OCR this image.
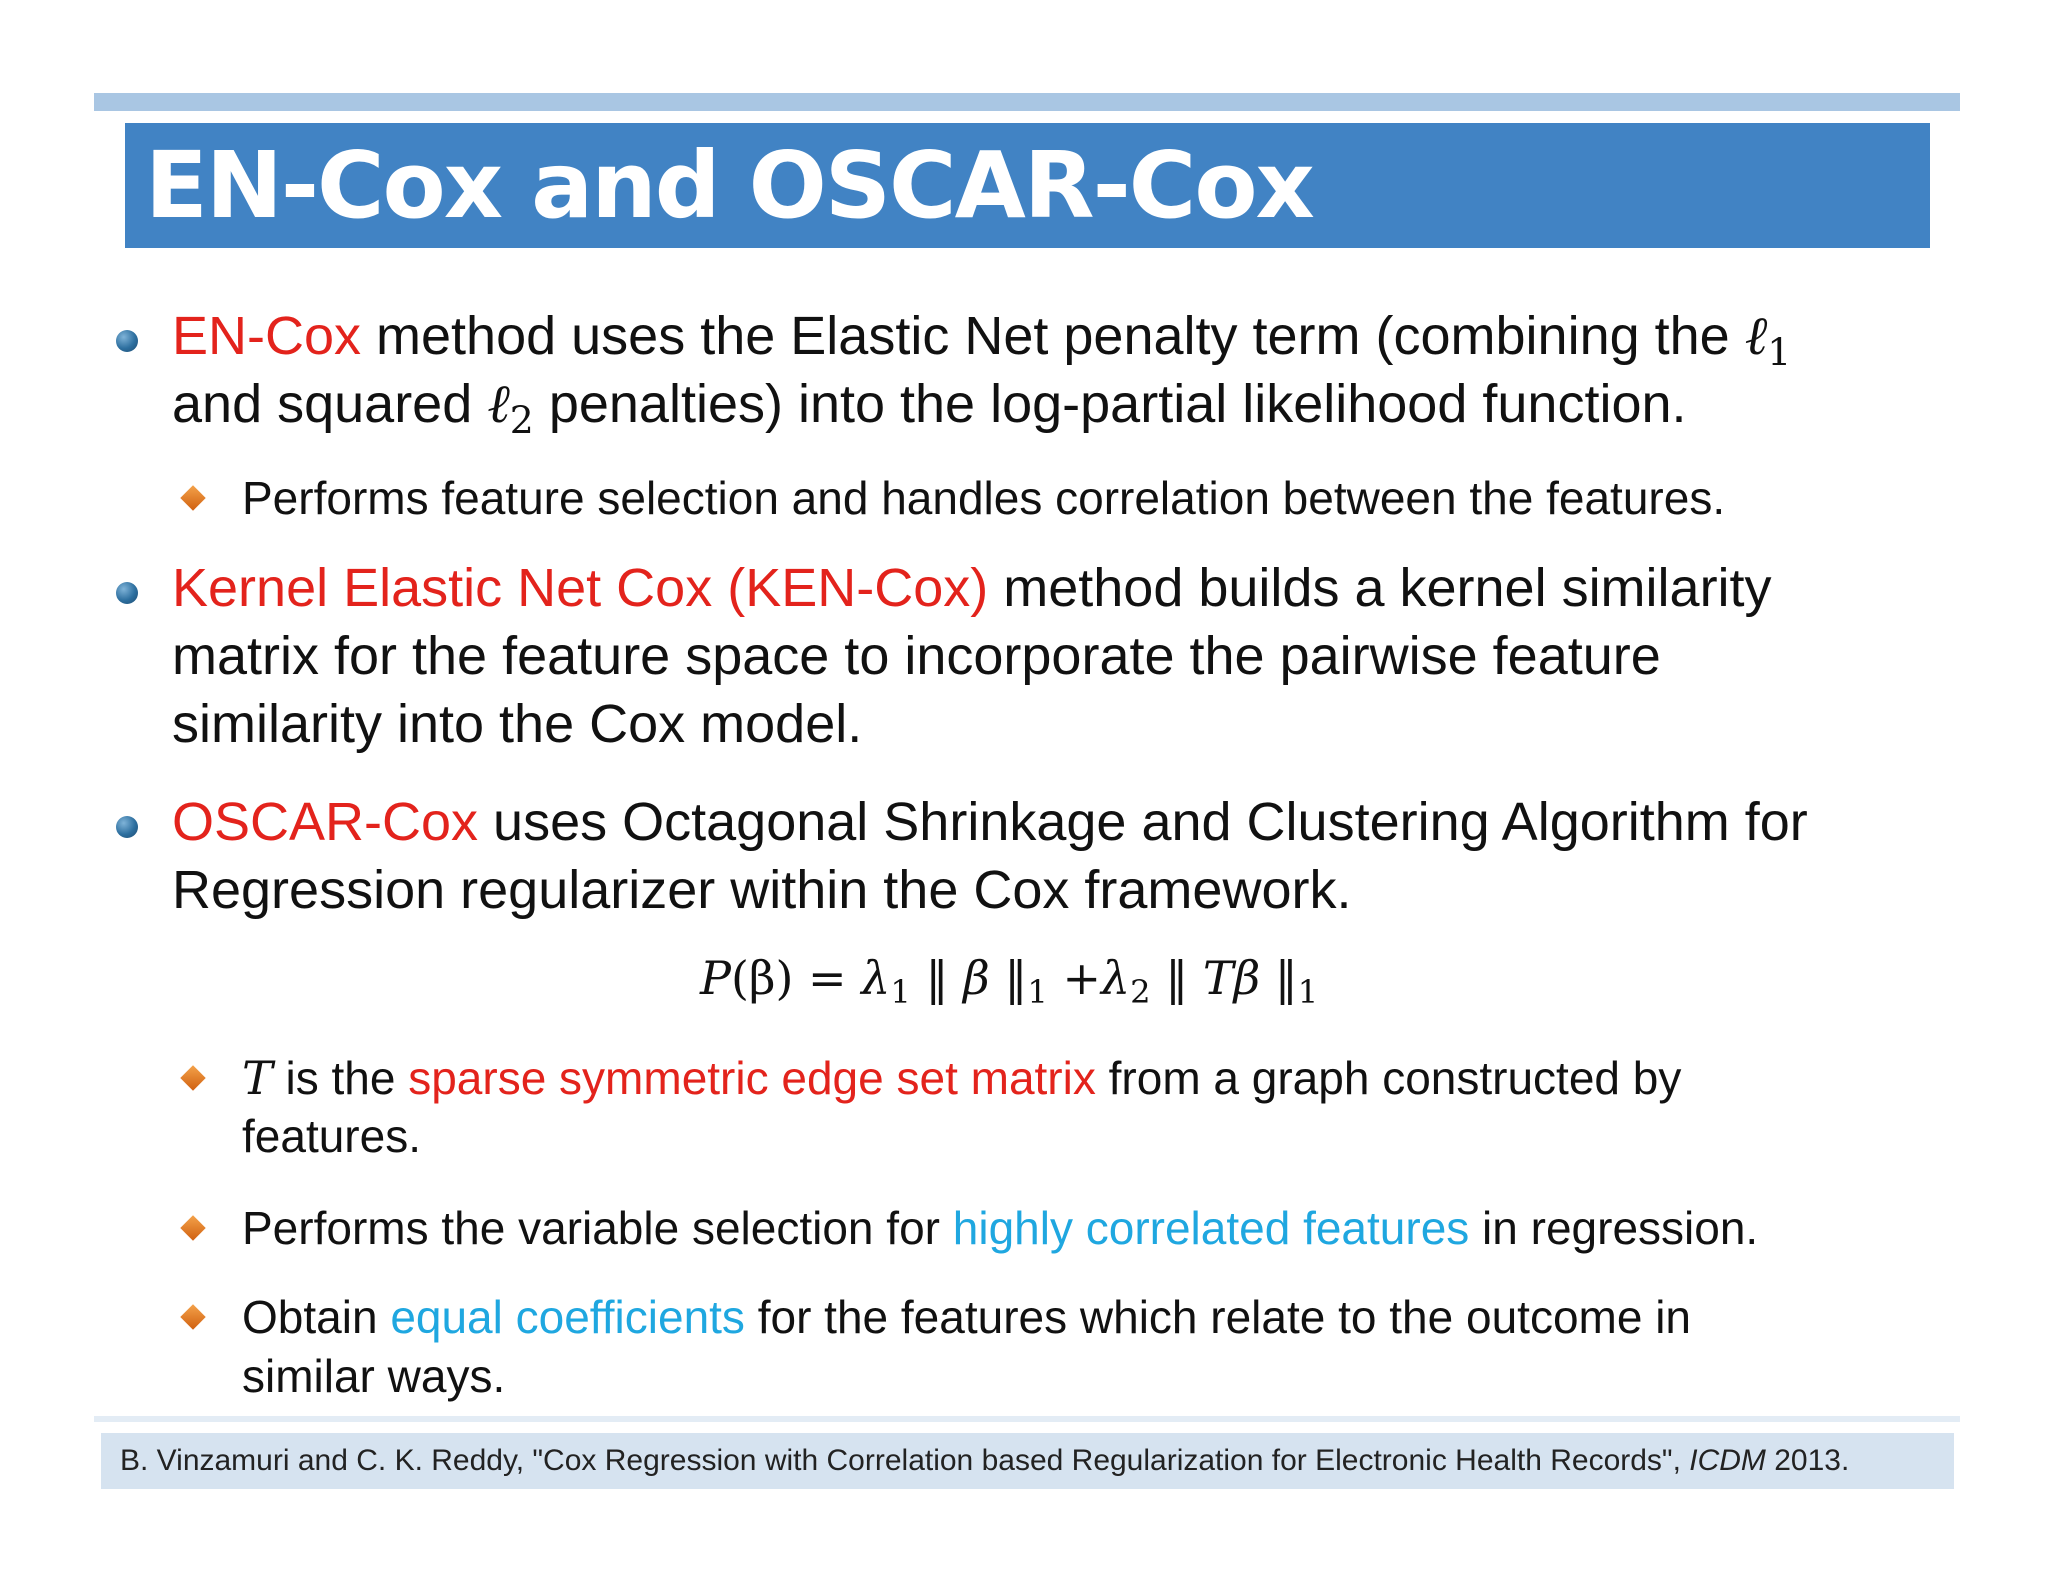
EN-Cox and OSCAR-Cox
EN-Cox method uses the Elastic Net penalty term (combining the ℓ1
and squared ℓ2 penalties) into the log-partial likelihood function.
Performs feature selection and handles correlation between the features.
Kernel Elastic Net Cox (KEN-Cox) method builds a kernel similarity
matrix for the feature space to incorporate the pairwise feature
similarity into the Cox model.
OSCAR-Cox uses Octagonal Shrinkage and Clustering Algorithm for
Regression regularizer within the Cox framework.
P(β) = λ1 ‖ β ‖1 +λ2 ‖ Tβ ‖1
T is the sparse symmetric edge set matrix from a graph constructed by
features.
Performs the variable selection for highly correlated features in regression.
Obtain equal coefficients for the features which relate to the outcome in
similar ways.
B. Vinzamuri and C. K. Reddy, "Cox Regression with Correlation based Regularization for Electronic Health Records", ICDM 2013.
